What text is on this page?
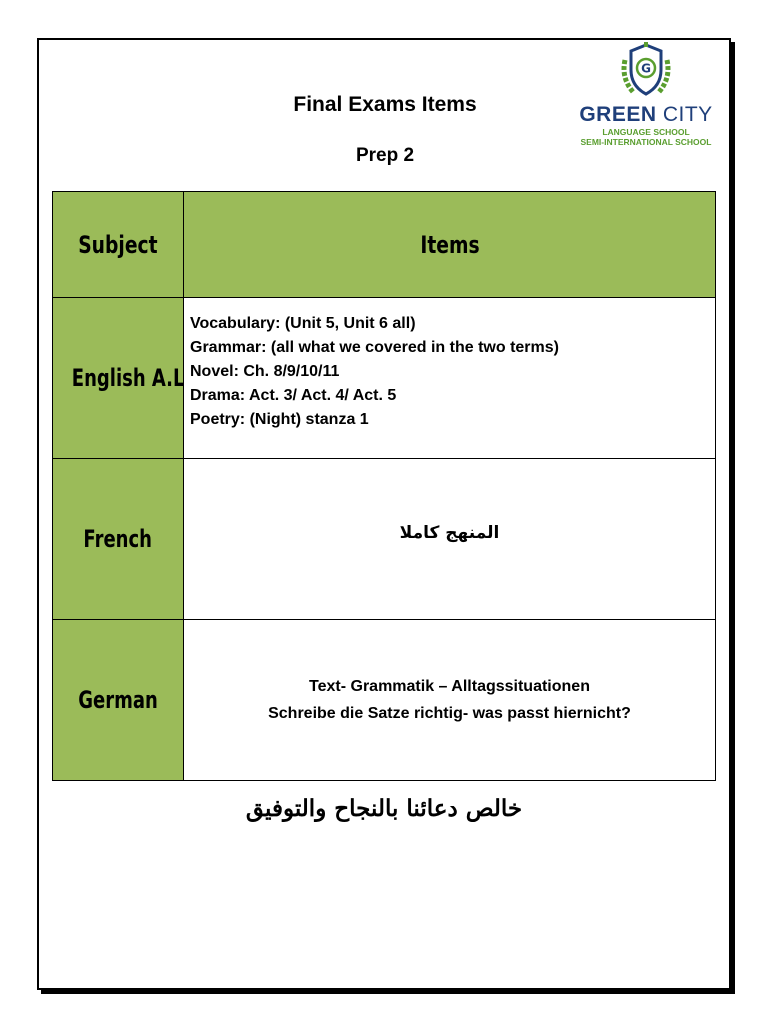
Final Exams Items
Prep 2
G
GREEN CITY
LANGUAGE SCHOOL
SEMI-INTERNATIONAL SCHOOL
Subject	Items
English A.L	Vocabulary: (Unit 5, Unit 6 all)
Grammar: (all what we covered in the two terms)
Novel: Ch. 8/9/10/11
Drama: Act. 3/ Act. 4/ Act. 5
Poetry: (Night) stanza 1

French	المنهج كاملا

German	Text- Grammatik – Alltagssituationen
Schreibe die Satze richtig- was passt hiernicht?
خالص دعائنا بالنجاح والتوفيق
